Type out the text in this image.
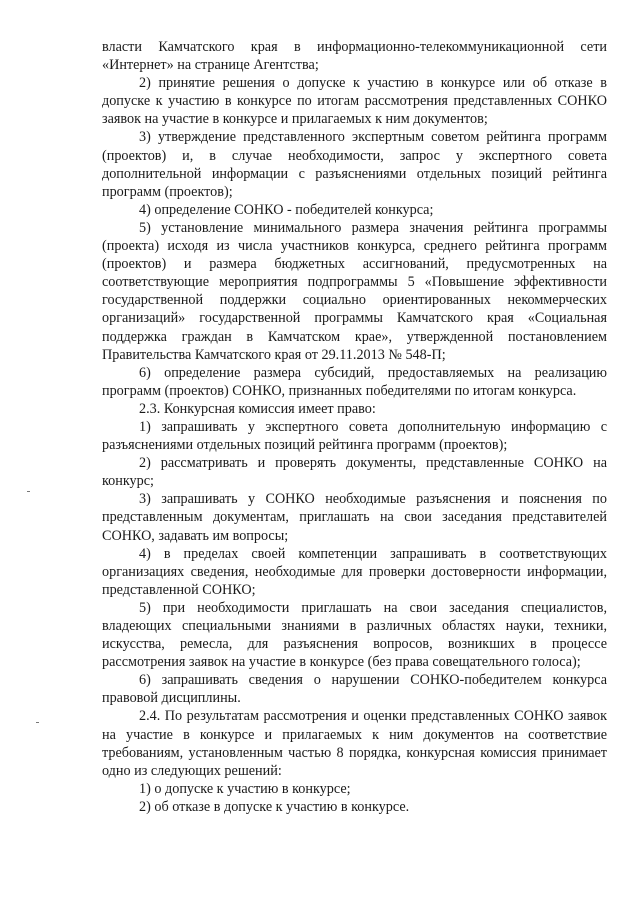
власти Камчатского края в информационно-телекоммуникационной сети «Интернет» на странице Агентства;

2) принятие решения о допуске к участию в конкурсе или об отказе в допуске к участию в конкурсе по итогам рассмотрения представленных СОНКО заявок на участие в конкурсе и прилагаемых к ним документов;

3) утверждение представленного экспертным советом рейтинга программ (проектов) и, в случае необходимости, запрос у экспертного совета дополнительной информации с разъяснениями отдельных позиций рейтинга программ (проектов);

4) определение СОНКО - победителей конкурса;

5) установление минимального размера значения рейтинга программы (проекта) исходя из числа участников конкурса, среднего рейтинга программ (проектов) и размера бюджетных ассигнований, предусмотренных на соответствующие мероприятия подпрограммы 5 «Повышение эффективности государственной поддержки социально ориентированных некоммерческих организаций» государственной программы Камчатского края «Социальная поддержка граждан в Камчатском крае», утвержденной постановлением Правительства Камчатского края от 29.11.2013 № 548-П;

6) определение размера субсидий, предоставляемых на реализацию программ (проектов) СОНКО, признанных победителями по итогам конкурса.

2.3. Конкурсная комиссия имеет право:

1) запрашивать у экспертного совета дополнительную информацию с разъяснениями отдельных позиций рейтинга программ (проектов);

2) рассматривать и проверять документы, представленные СОНКО на конкурс;

3) запрашивать у СОНКО необходимые разъяснения и пояснения по представленным документам, приглашать на свои заседания представителей СОНКО, задавать им вопросы;

4) в пределах своей компетенции запрашивать в соответствующих организациях сведения, необходимые для проверки достоверности информации, представленной СОНКО;

5) при необходимости приглашать на свои заседания специалистов, владеющих специальными знаниями в различных областях науки, техники, искусства, ремесла, для разъяснения вопросов, возникших в процессе рассмотрения заявок на участие в конкурсе (без права совещательного голоса);

6) запрашивать сведения о нарушении СОНКО-победителем конкурса правовой дисциплины.

2.4. По результатам рассмотрения и оценки представленных СОНКО заявок на участие в конкурсе и прилагаемых к ним документов на соответствие требованиям, установленным частью 8 порядка, конкурсная комиссия принимает одно из следующих решений:

1) о допуске к участию в конкурсе;

2) об отказе в допуске к участию в конкурсе.
